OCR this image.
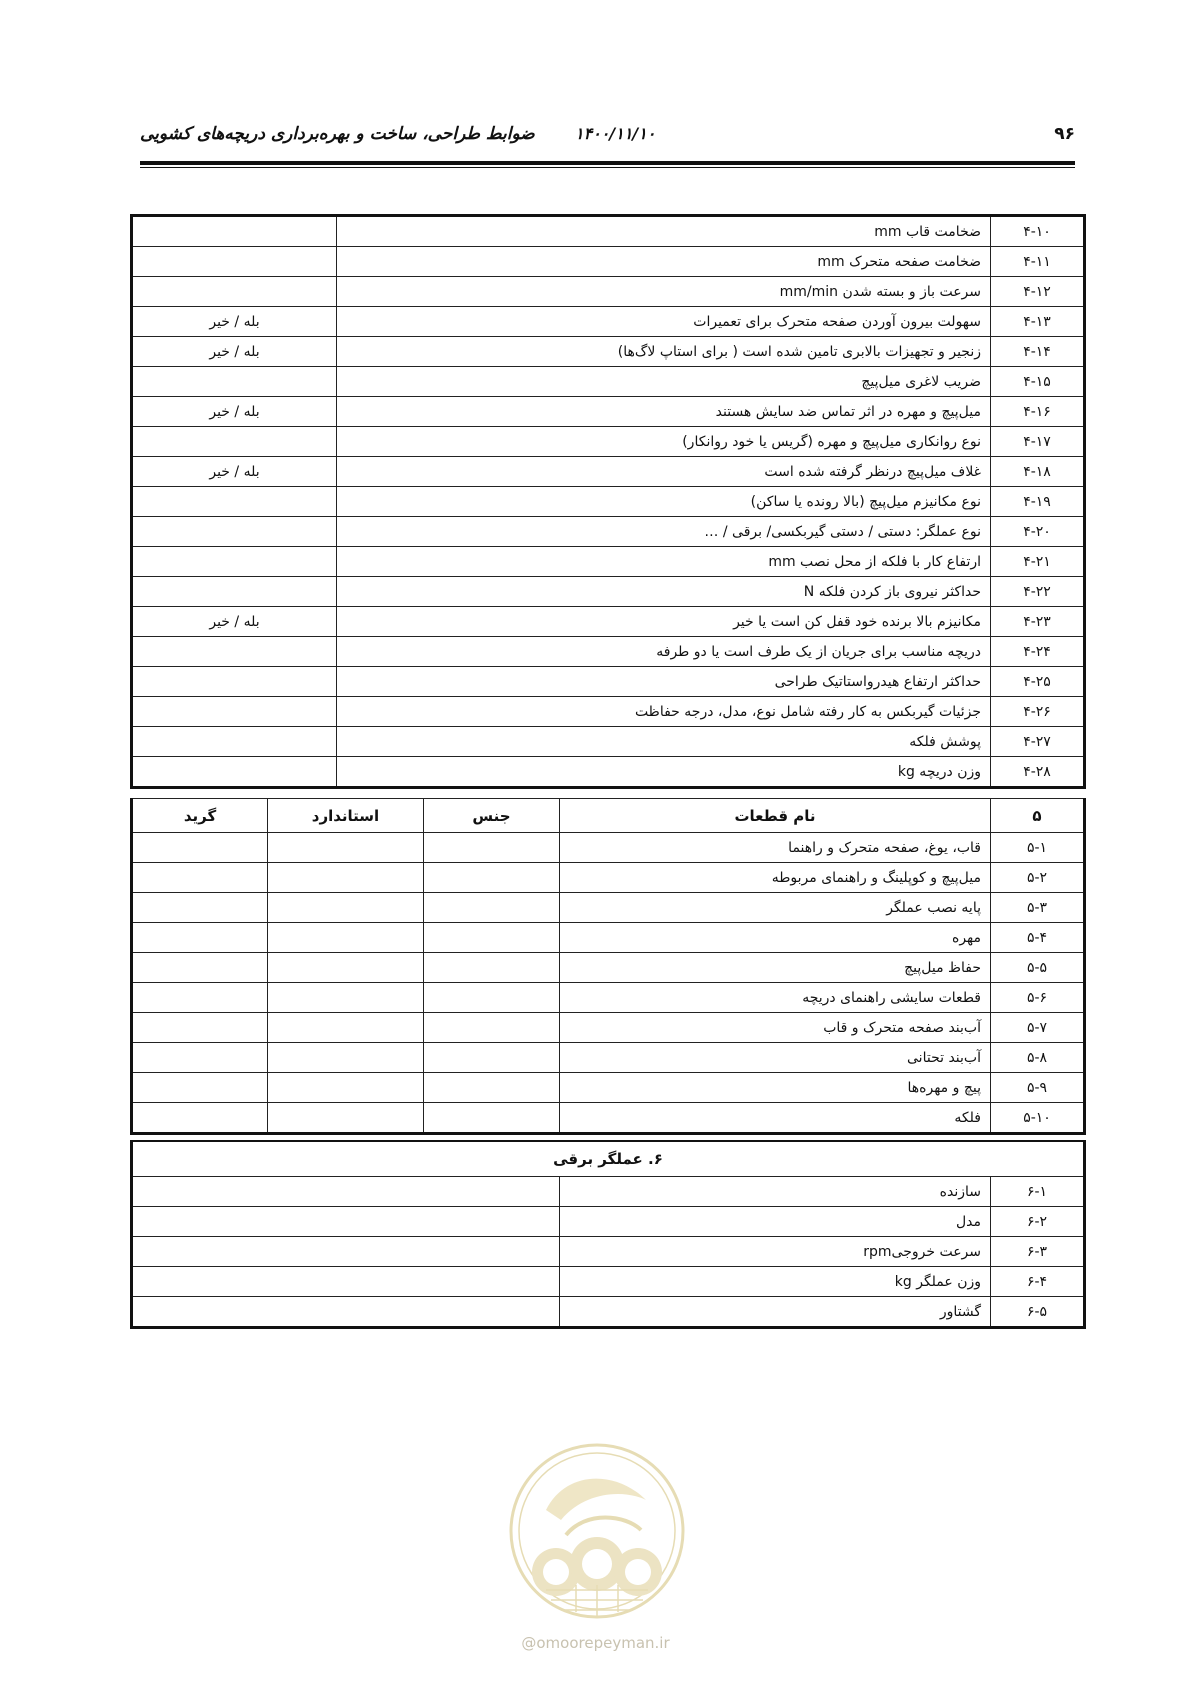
۹۶
۱۴۰۰/۱۱/۱۰
ضوابط طراحی، ساخت و بهره‌برداری دریچه‌های کشویی
۴-۱۰	ضخامت قاب mm	
۴-۱۱	ضخامت صفحه متحرک mm	
۴-۱۲	سرعت باز و بسته شدن mm/min	
۴-۱۳	سهولت بیرون آوردن صفحه متحرک برای تعمیرات	بله / خیر
۴-۱۴	زنجیر و تجهیزات بالابری تامین شده است ( برای استاپ لاگ‌ها)	بله / خیر
۴-۱۵	ضریب لاغری میل‌پیچ	
۴-۱۶	میل‌پیچ و مهره در اثر تماس ضد سایش هستند	بله / خیر
۴-۱۷	نوع روانکاری میل‌پیچ و مهره (گریس یا خود روانکار)	
۴-۱۸	غلاف میل‌پیچ درنظر گرفته شده است	بله / خیر
۴-۱۹	نوع مکانیزم میل‌پیچ (بالا رونده یا ساکن)	
۴-۲۰	نوع عملگر: دستی / دستی گیربکسی/ برقی / …	
۴-۲۱	ارتفاع کار با فلکه از محل نصب mm	
۴-۲۲	حداکثر نیروی باز کردن فلکه N	
۴-۲۳	مکانیزم بالا برنده خود قفل کن است یا خیر	بله / خیر
۴-۲۴	دریچه مناسب برای جریان از یک طرف است یا دو طرفه	
۴-۲۵	حداکثر ارتفاع هیدرواستاتیک طراحی	
۴-۲۶	جزئیات گیربکس به کار رفته شامل نوع، مدل، درجه حفاظت	
۴-۲۷	پوشش فلکه	
۴-۲۸	وزن دریچه kg	
۵	نام قطعات	جنس	استاندارد	گرید
۵-۱	قاب، یوغ، صفحه متحرک و راهنما			
۵-۲	میل‌پیچ و کوپلینگ و راهنمای مربوطه			
۵-۳	پایه نصب عملگر			
۵-۴	مهره			
۵-۵	حفاظ میل‌پیچ			
۵-۶	قطعات سایشی راهنمای دریچه			
۵-۷	آب‌بند صفحه متحرک و قاب			
۵-۸	آب‌بند تحتانی			
۵-۹	پیچ و مهره‌ها			
۵-۱۰	فلکه			
۶. عملگر برقی		
۶-۱	سازنده	
۶-۲	مدل	
۶-۳	سرعت خروجیrpm	
۶-۴	وزن عملگر kg	
۶-۵	گشتاور	
@omoorepeyman.ir
